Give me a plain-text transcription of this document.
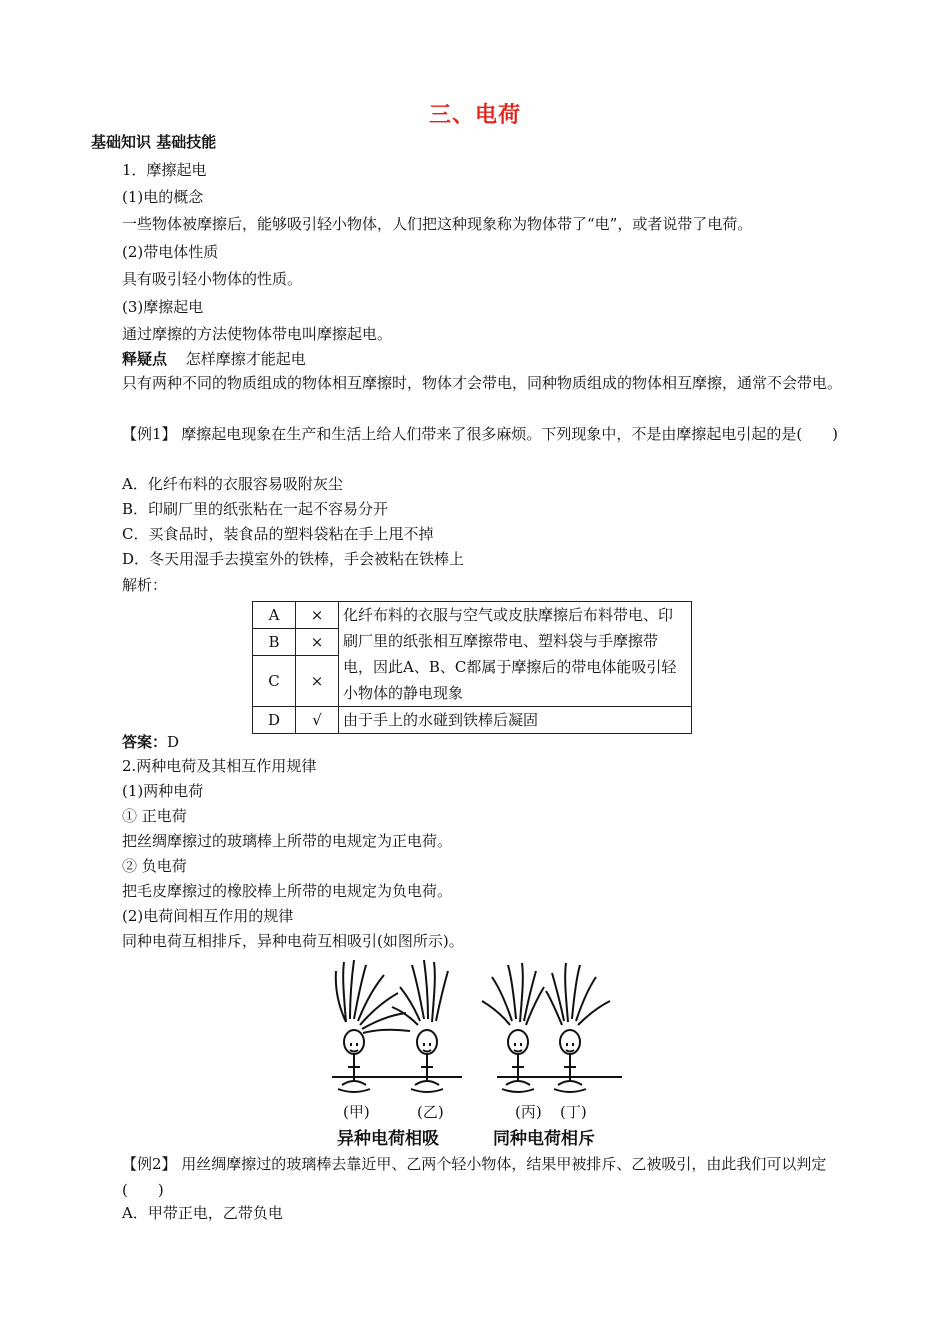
三、电荷
基础知识 基础技能
1．摩擦起电
(1)电的概念
一些物体被摩擦后，能够吸引轻小物体，人们把这种现象称为物体带了“电”，或者说带了电荷。
(2)带电体性质
具有吸引轻小物体的性质。
(3)摩擦起电
通过摩擦的方法使物体带电叫摩擦起电。
释疑点 怎样摩擦才能起电
只有两种不同的物质组成的物体相互摩擦时，物体才会带电，同种物质组成的物体相互摩擦，通常不会带电。
【例1】 摩擦起电现象在生产和生活上给人们带来了很多麻烦。下列现象中，不是由摩擦起电引起的是(　　)
A．化纤布料的衣服容易吸附灰尘
B．印刷厂里的纸张粘在一起不容易分开
C．买食品时，装食品的塑料袋粘在手上甩不掉
D．冬天用湿手去摸室外的铁棒，手会被粘在铁棒上
解析：
A	×	化纤布料的衣服与空气或皮肤摩擦后布料带电、印刷厂里的纸张相互摩擦带电、塑料袋与手摩擦带电，因此A、B、C都属于摩擦后的带电体能吸引轻小物体的静电现象
B	×	
C	×	
D	√	由于手上的水碰到铁棒后凝固
答案：D
2.两种电荷及其相互作用规律
(1)两种电荷
① 正电荷
把丝绸摩擦过的玻璃棒上所带的电规定为正电荷。
② 负电荷
把毛皮摩擦过的橡胶棒上所带的电规定为负电荷。
(2)电荷间相互作用的规律
同种电荷互相排斥，异种电荷互相吸引(如图所示)。
(甲)	(乙)	(丙) (丁)
异种电荷相吸	同种电荷相斥
【例2】 用丝绸摩擦过的玻璃棒去靠近甲、乙两个轻小物体，结果甲被排斥、乙被吸引，由此我们可以判定(　　)
A．甲带正电，乙带负电
